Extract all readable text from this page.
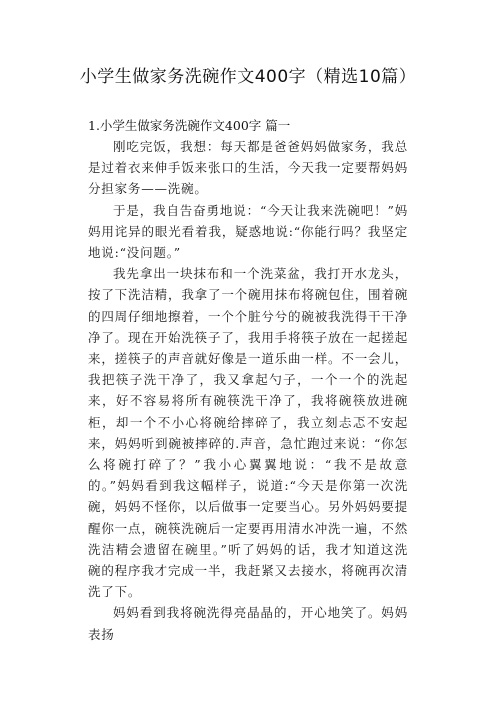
小学生做家务洗碗作文400字（精选10篇）
1.小学生做家务洗碗作文400字 篇一

刚吃完饭，我想：每天都是爸爸妈妈做家务，我总是过着衣来伸手饭来张口的生活，今天我一定要帮妈妈分担家务——洗碗。

于是，我自告奋勇地说：“今天让我来洗碗吧！”妈妈用诧异的眼光看着我，疑惑地说:“你能行吗？我坚定地说:“没问题。”

我先拿出一块抹布和一个洗菜盆，我打开水龙头，按了下洗洁精，我拿了一个碗用抹布将碗包住，围着碗的四周仔细地擦着，一个个脏兮兮的碗被我洗得干干净净了。现在开始洗筷子了，我用手将筷子放在一起搓起来，搓筷子的声音就好像是一道乐曲一样。不一会儿，我把筷子洗干净了，我又拿起勺子，一个一个的洗起来，好不容易将所有碗筷洗干净了，我将碗筷放进碗柜，却一个不小心将碗给摔碎了，我立刻忐忑不安起来，妈妈听到碗被摔碎的.声音，急忙跑过来说：“你怎么将碗打碎了？”我小心翼翼地说：“我不是故意的。”妈妈看到我这幅样子，说道:“今天是你第一次洗碗，妈妈不怪你，以后做事一定要当心。另外妈妈要提醒你一点，碗筷洗碗后一定要再用清水冲洗一遍，不然洗洁精会遗留在碗里。”听了妈妈的话，我才知道这洗碗的程序我才完成一半，我赶紧又去接水，将碗再次清洗了下。

妈妈看到我将碗洗得亮晶晶的，开心地笑了。妈妈表扬
